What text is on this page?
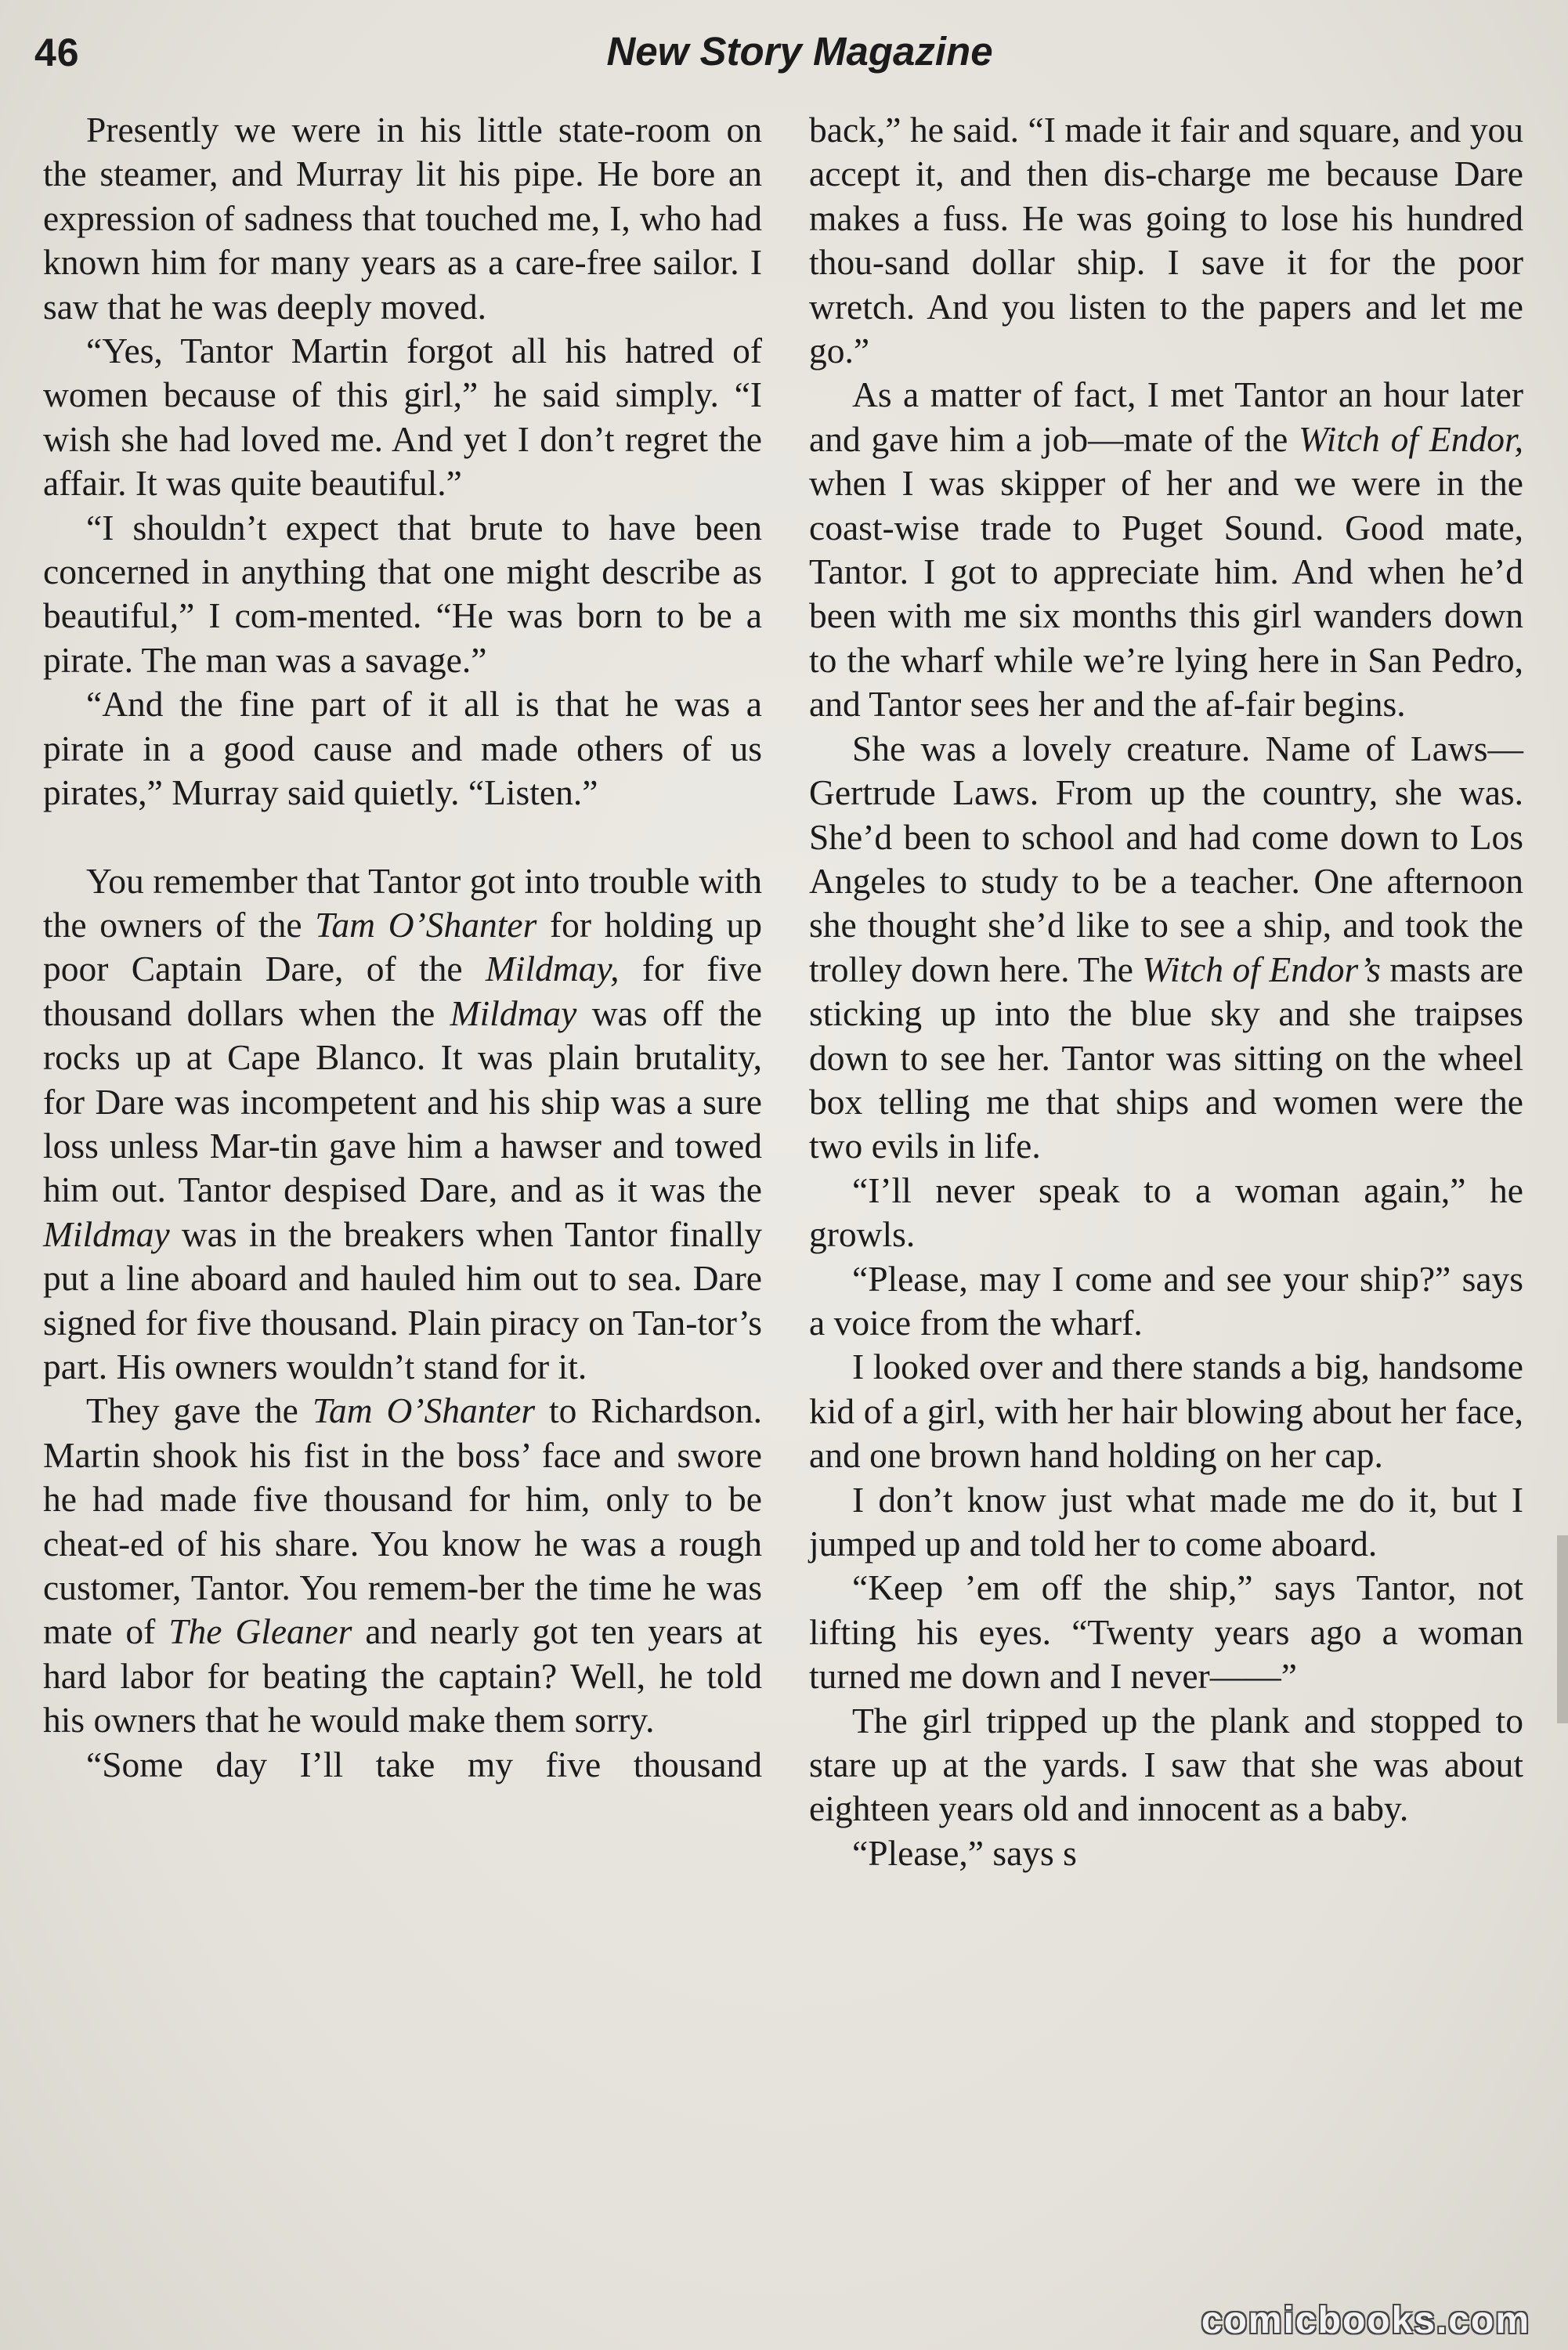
46	New Story Magazine

Presently we were in his little state-room on the steamer, and Murray lit his pipe. He bore an expression of sadness that touched me, I, who had known him for many years as a care-free sailor. I saw that he was deeply moved.

“Yes, Tantor Martin forgot all his hatred of women because of this girl,” he said simply. “I wish she had loved me. And yet I don’t regret the affair. It was quite beautiful.”

“I shouldn’t expect that brute to have been concerned in anything that one might describe as beautiful,” I com-mented. “He was born to be a pirate. The man was a savage.”

“And the fine part of it all is that he was a pirate in a good cause and made others of us pirates,” Murray said quietly. “Listen.”

You remember that Tantor got into trouble with the owners of the Tam O’Shanter for holding up poor Captain Dare, of the Mildmay, for five thousand dollars when the Mildmay was off the rocks up at Cape Blanco. It was plain brutality, for Dare was incompetent and his ship was a sure loss unless Mar-tin gave him a hawser and towed him out. Tantor despised Dare, and as it was the Mildmay was in the breakers when Tantor finally put a line aboard and hauled him out to sea. Dare signed for five thousand. Plain piracy on Tan-tor’s part. His owners wouldn’t stand for it.

They gave the Tam O’Shanter to Richardson. Martin shook his fist in the boss’ face and swore he had made five thousand for him, only to be cheat-ed of his share. You know he was a rough customer, Tantor. You remem-ber the time he was mate of The Gleaner and nearly got ten years at hard labor for beating the captain? Well, he told his owners that he would make them sorry.

“Some day I’ll take my five thousand

back,” he said. “I made it fair and square, and you accept it, and then dis-charge me because Dare makes a fuss. He was going to lose his hundred thou-sand dollar ship. I save it for the poor wretch. And you listen to the papers and let me go.”

As a matter of fact, I met Tantor an hour later and gave him a job—mate of the Witch of Endor, when I was skipper of her and we were in the coast-wise trade to Puget Sound. Good mate, Tantor. I got to appreciate him. And when he’d been with me six months this girl wanders down to the wharf while we’re lying here in San Pedro, and Tantor sees her and the af-fair begins.

She was a lovely creature. Name of Laws—Gertrude Laws. From up the country, she was. She’d been to school and had come down to Los Angeles to study to be a teacher. One afternoon she thought she’d like to see a ship, and took the trolley down here. The Witch of Endor’s masts are sticking up into the blue sky and she traipses down to see her. Tantor was sitting on the wheel box telling me that ships and women were the two evils in life.

“I’ll never speak to a woman again,” he growls.

“Please, may I come and see your ship?” says a voice from the wharf.

I looked over and there stands a big, handsome kid of a girl, with her hair blowing about her face, and one brown hand holding on her cap.

I don’t know just what made me do it, but I jumped up and told her to come aboard.

“Keep ’em off the ship,” says Tantor, not lifting his eyes. “Twenty years ago a woman turned me down and I never——”

The girl tripped up the plank and stopped to stare up at the yards. I saw that she was about eighteen years old and innocent as a baby.

“Please,” says s

comicbooks.com
